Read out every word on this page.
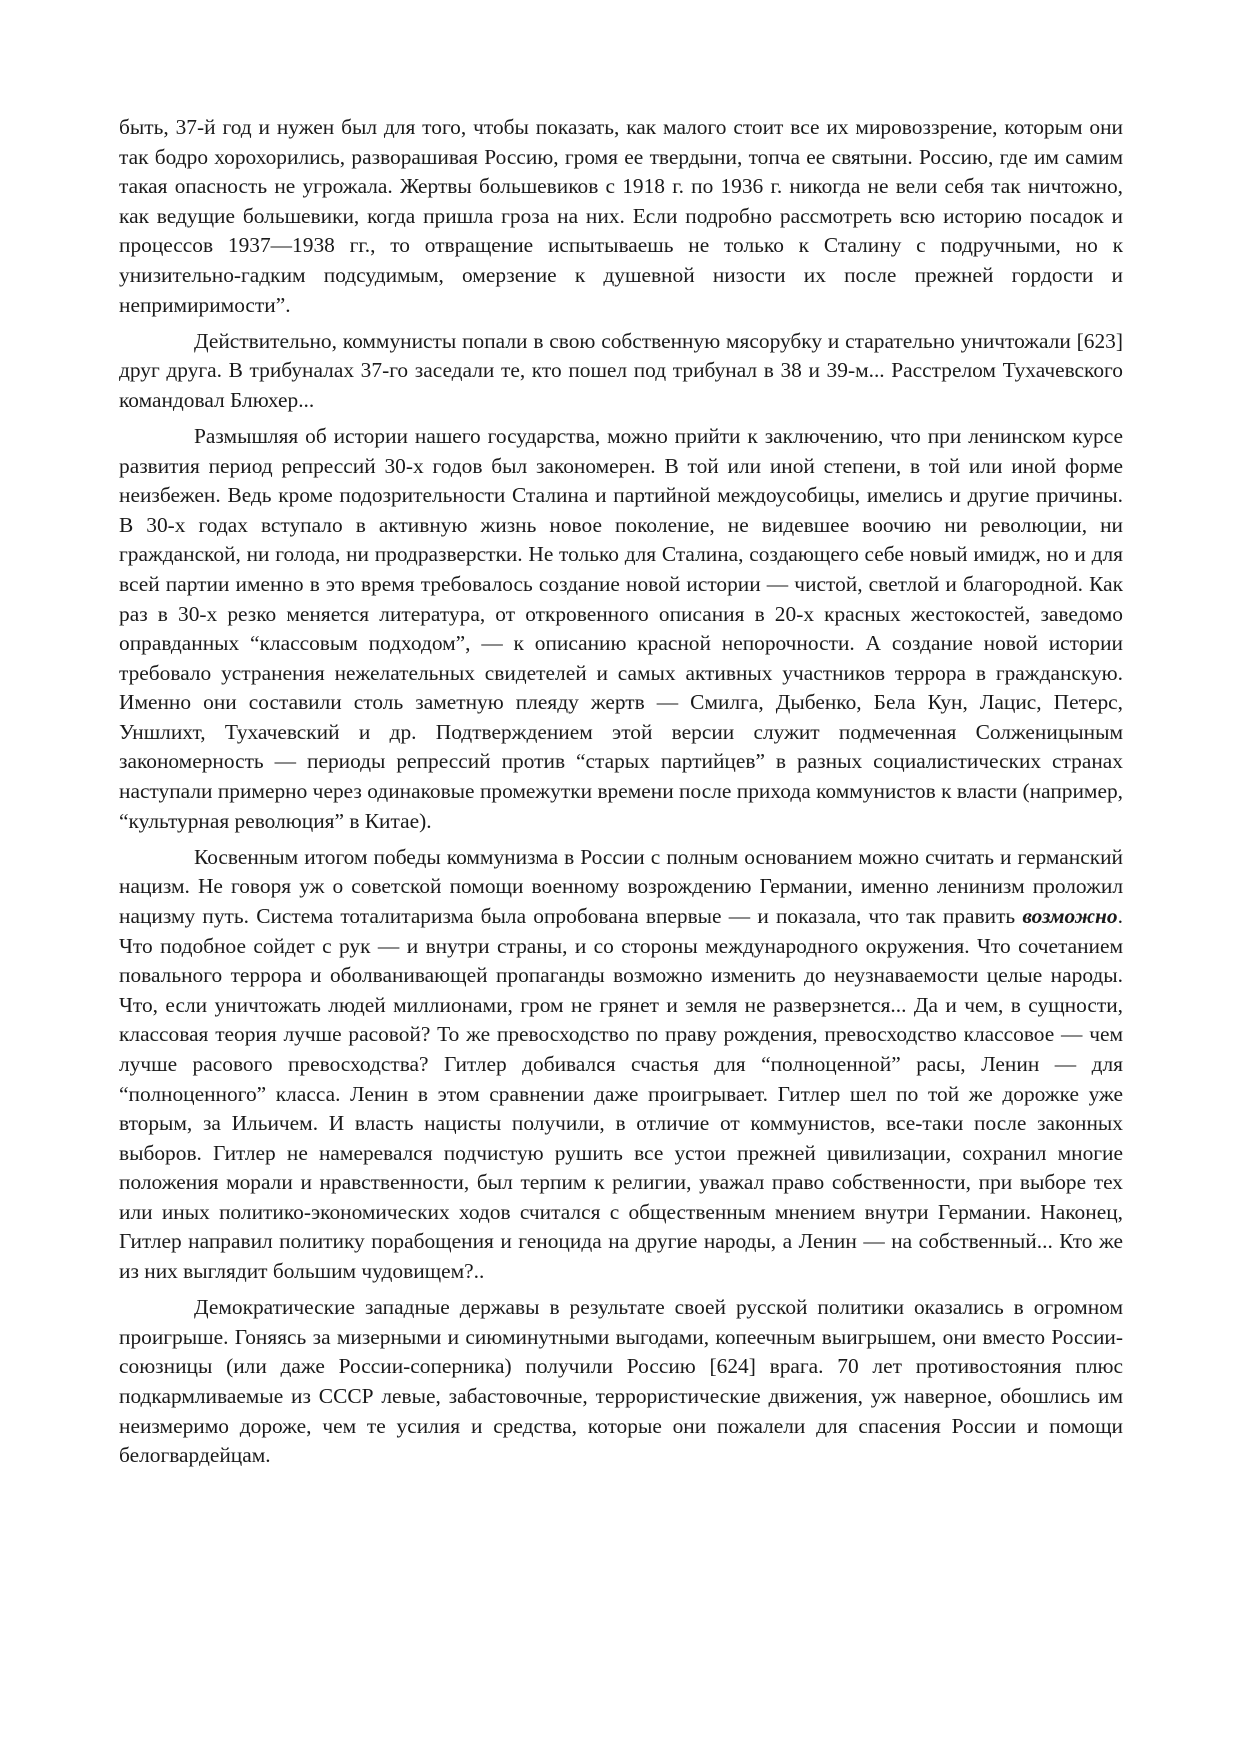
быть, 37-й год и нужен был для того, чтобы показать, как малого стоит все их мировоззрение, которым они так бодро хорохорились, разворашивая Россию, громя ее твердыни, топча ее святыни. Россию, где им самим такая опасность не угрожала. Жертвы большевиков с 1918 г. по 1936 г. никогда не вели себя так ничтожно, как ведущие большевики, когда пришла гроза на них. Если подробно рассмотреть всю историю посадок и процессов 1937—1938 гг., то отвращение испытываешь не только к Сталину с подручными, но к унизительно-гадким подсудимым, омерзение к душевной низости их после прежней гордости и непримиримости”.

Действительно, коммунисты попали в свою собственную мясорубку и старательно уничтожали [623] друг друга. В трибуналах 37-го заседали те, кто пошел под трибунал в 38 и 39-м... Расстрелом Тухачевского командовал Блюхер...

Размышляя об истории нашего государства, можно прийти к заключению, что при ленинском курсе развития период репрессий 30-х годов был закономерен. В той или иной степени, в той или иной форме неизбежен. Ведь кроме подозрительности Сталина и партийной междоусобицы, имелись и другие причины. В 30-х годах вступало в активную жизнь новое поколение, не видевшее воочию ни революции, ни гражданской, ни голода, ни продразверстки. Не только для Сталина, создающего себе новый имидж, но и для всей партии именно в это время требовалось создание новой истории — чистой, светлой и благородной. Как раз в 30-х резко меняется литература, от откровенного описания в 20-х красных жестокостей, заведомо оправданных “классовым подходом”, — к описанию красной непорочности. А создание новой истории требовало устранения нежелательных свидетелей и самых активных участников террора в гражданскую. Именно они составили столь заметную плеяду жертв — Смилга, Дыбенко, Бела Кун, Лацис, Петерс, Уншлихт, Тухачевский и др. Подтверждением этой версии служит подмеченная Солженицыным закономерность — периоды репрессий против “старых партийцев” в разных социалистических странах наступали примерно через одинаковые промежутки времени после прихода коммунистов к власти (например, “культурная революция” в Китае).

Косвенным итогом победы коммунизма в России с полным основанием можно считать и германский нацизм. Не говоря уж о советской помощи военному возрождению Германии, именно ленинизм проложил нацизму путь. Система тоталитаризма была опробована впервые — и показала, что так править возможно. Что подобное сойдет с рук — и внутри страны, и со стороны международного окружения. Что сочетанием повального террора и оболванивающей пропаганды возможно изменить до неузнаваемости целые народы. Что, если уничтожать людей миллионами, гром не грянет и земля не разверзнется... Да и чем, в сущности, классовая теория лучше расовой? То же превосходство по праву рождения, превосходство классовое — чем лучше расового превосходства? Гитлер добивался счастья для “полноценной” расы, Ленин — для “полноценного” класса. Ленин в этом сравнении даже проигрывает. Гитлер шел по той же дорожке уже вторым, за Ильичем. И власть нацисты получили, в отличие от коммунистов, все-таки после законных выборов. Гитлер не намеревался подчистую рушить все устои прежней цивилизации, сохранил многие положения морали и нравственности, был терпим к религии, уважал право собственности, при выборе тех или иных политико-экономических ходов считался с общественным мнением внутри Германии. Наконец, Гитлер направил политику порабощения и геноцида на другие народы, а Ленин — на собственный... Кто же из них выглядит большим чудовищем?..

Демократические западные державы в результате своей русской политики оказались в огромном проигрыше. Гоняясь за мизерными и сиюминутными выгодами, копеечным выигрышем, они вместо России-союзницы (или даже России-соперника) получили Россию [624] врага. 70 лет противостояния плюс подкармливаемые из СССР левые, забастовочные, террористические движения, уж наверное, обошлись им неизмеримо дороже, чем те усилия и средства, которые они пожалели для спасения России и помощи белогвардейцам.
